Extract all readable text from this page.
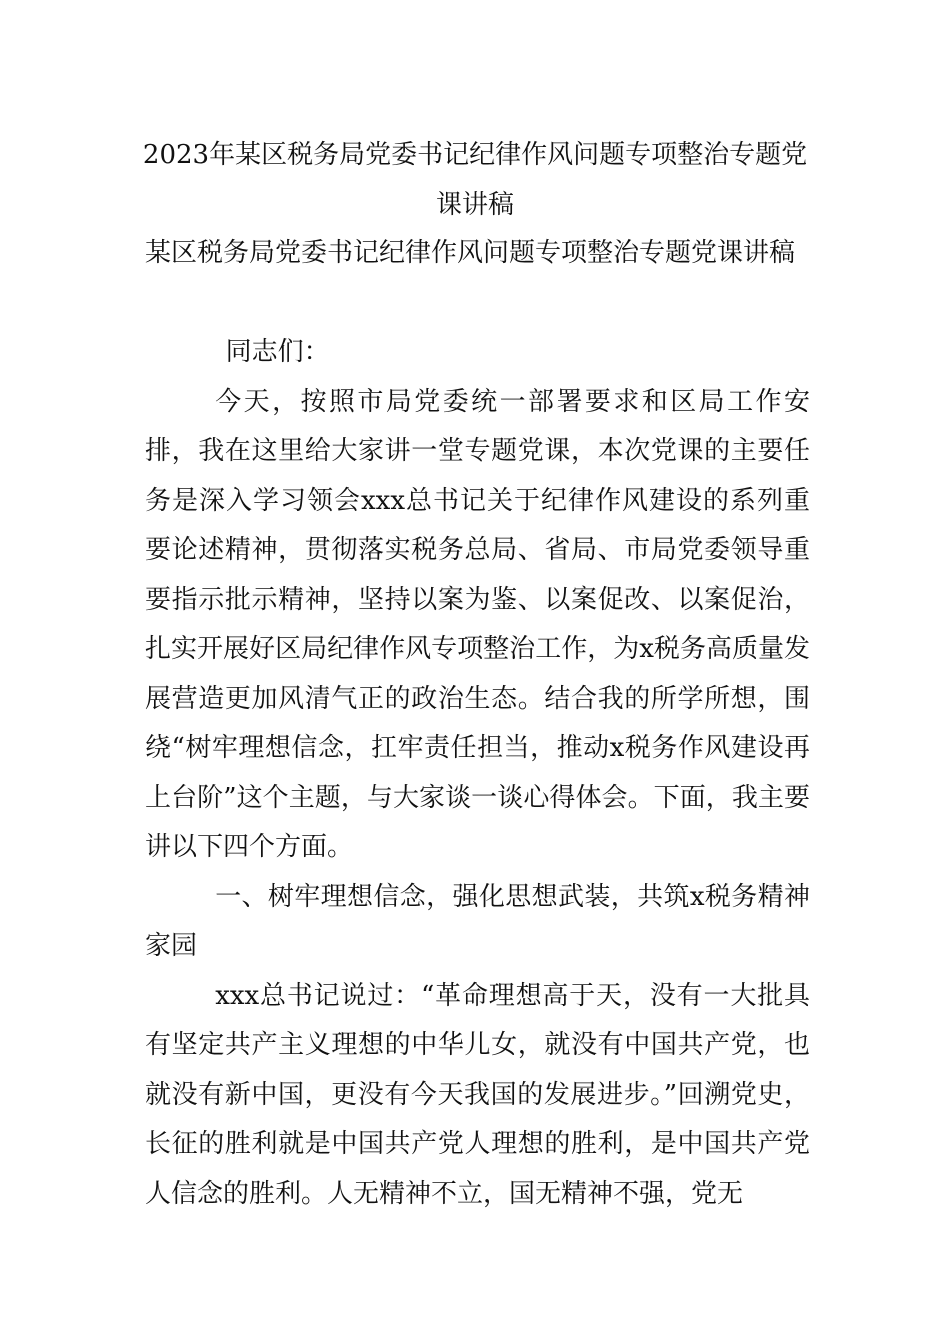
2023年某区税务局党委书记纪律作风问题专项整治专题党课讲稿
某区税务局党委书记纪律作风问题专项整治专题党课讲稿

同志们：

今天，按照市局党委统一部署要求和区局工作安排，我在这里给大家讲一堂专题党课，本次党课的主要任务是深入学习领会xxx总书记关于纪律作风建设的系列重要论述精神，贯彻落实税务总局、省局、市局党委领导重要指示批示精神，坚持以案为鉴、以案促改、以案促治，扎实开展好区局纪律作风专项整治工作，为x税务高质量发展营造更加风清气正的政治生态。结合我的所学所想，围绕“树牢理想信念，扛牢责任担当，推动x税务作风建设再上台阶”这个主题，与大家谈一谈心得体会。下面，我主要讲以下四个方面。

一、树牢理想信念，强化思想武装，共筑x税务精神家园

xxx总书记说过：“革命理想高于天，没有一大批具有坚定共产主义理想的中华儿女，就没有中国共产党，也就没有新中国，更没有今天我国的发展进步。”回溯党史，长征的胜利就是中国共产党人理想的胜利，是中国共产党人信念的胜利。人无精神不立，国无精神不强，党无
